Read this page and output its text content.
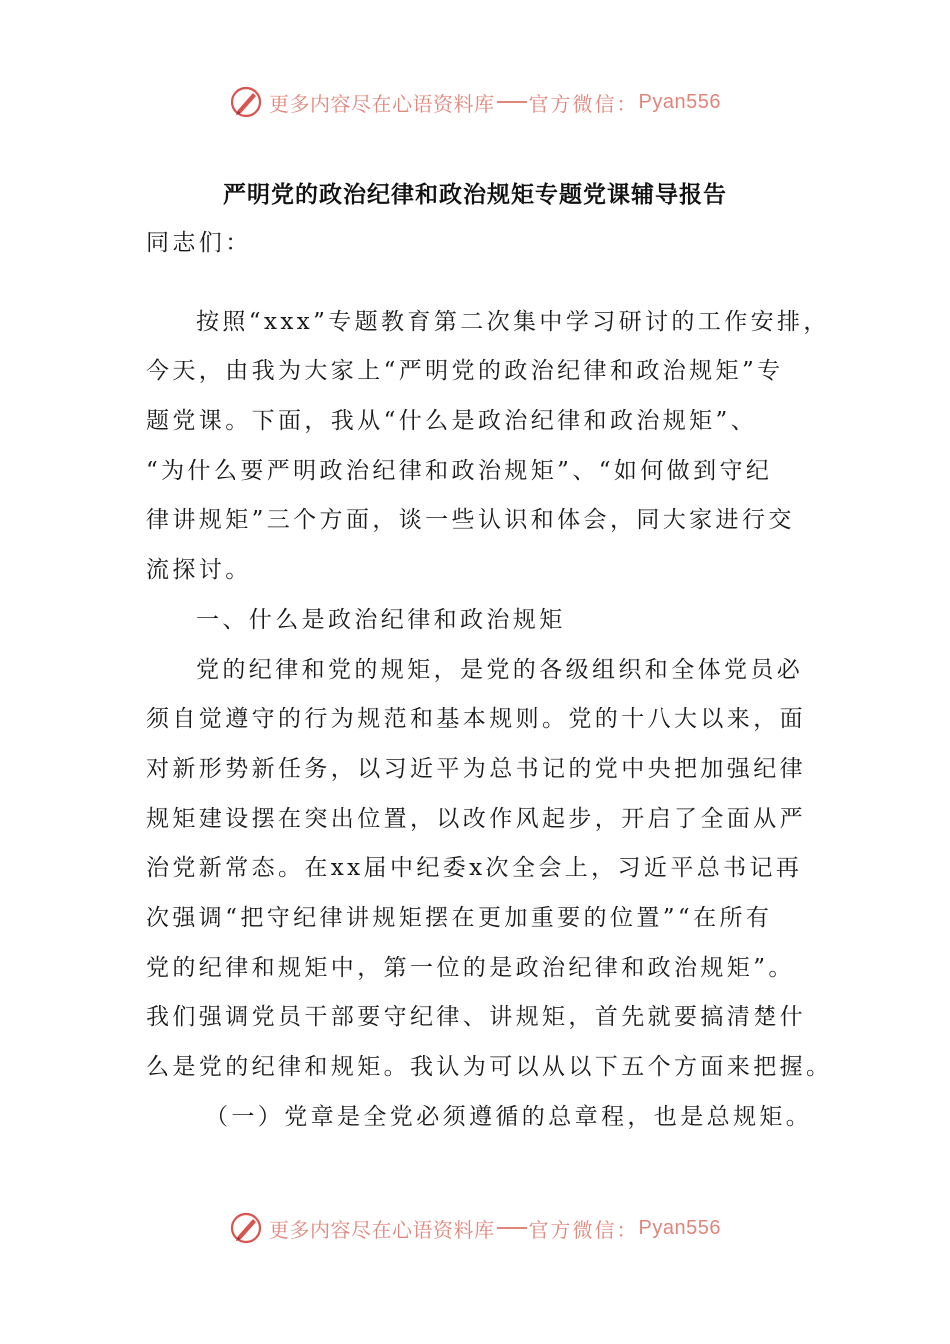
更多内容尽在心语资料库 官方微信： Pyan556
严明党的政治纪律和政治规矩专题党课辅导报告
同志们：
按照“xxx”专题教育第二次集中学习研讨的工作安排，
今天，由我为大家上“严明党的政治纪律和政治规矩”专
题党课。下面，我从“什么是政治纪律和政治规矩”、
“为什么要严明政治纪律和政治规矩”、“如何做到守纪
律讲规矩”三个方面，谈一些认识和体会，同大家进行交
流探讨。
一、什么是政治纪律和政治规矩
党的纪律和党的规矩，是党的各级组织和全体党员必
须自觉遵守的行为规范和基本规则。党的十八大以来，面
对新形势新任务，以习近平为总书记的党中央把加强纪律
规矩建设摆在突出位置，以改作风起步，开启了全面从严
治党新常态。在xx届中纪委x次全会上，习近平总书记再
次强调“把守纪律讲规矩摆在更加重要的位置”“在所有
党的纪律和规矩中，第一位的是政治纪律和政治规矩”。
我们强调党员干部要守纪律、讲规矩，首先就要搞清楚什
么是党的纪律和规矩。我认为可以从以下五个方面来把握。
（一）党章是全党必须遵循的总章程，也是总规矩。
更多内容尽在心语资料库 官方微信： Pyan556
